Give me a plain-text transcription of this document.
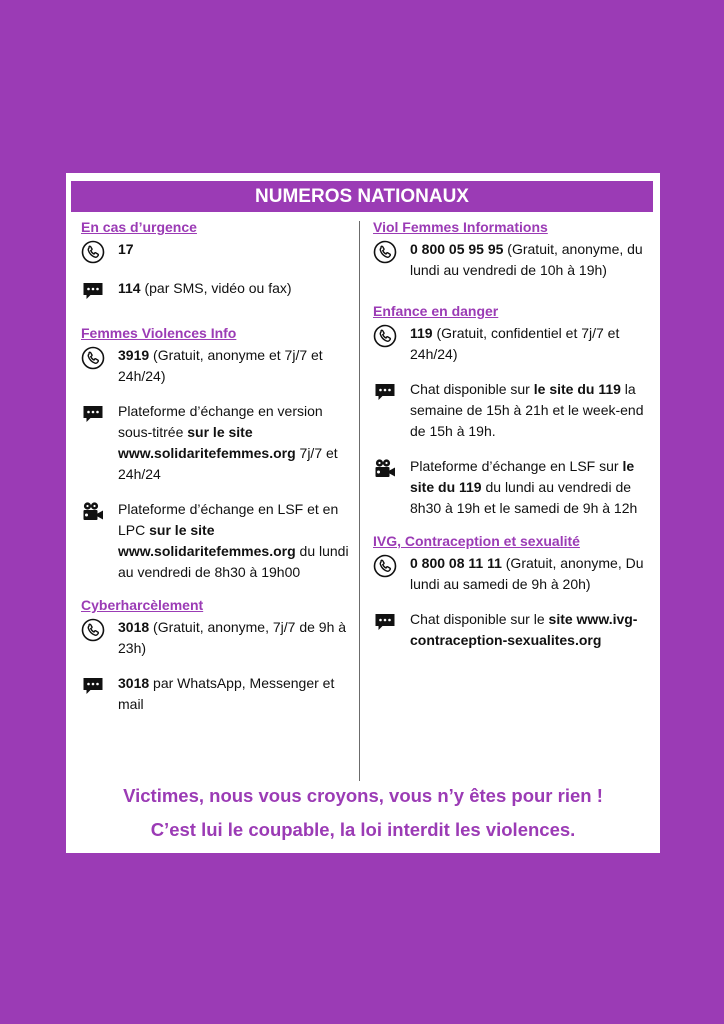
NUMEROS NATIONAUX
En cas d’urgence
17
114 (par SMS, vidéo ou fax)
Femmes Violences Info
3919 (Gratuit, anonyme et 7j/7 et 24h/24)
Plateforme d’échange en version sous-titrée sur le site www.solidaritefemmes.org 7j/7 et 24h/24
Plateforme d’échange en LSF et en LPC sur le site www.solidaritefemmes.org du lundi au vendredi de 8h30 à 19h00
Cyberharcèlement
3018 (Gratuit, anonyme, 7j/7 de 9h à 23h)
3018 par WhatsApp, Messenger et mail
Viol Femmes Informations
0 800 05 95 95 (Gratuit, anonyme, du lundi au vendredi de 10h à 19h)
Enfance en danger
119 (Gratuit, confidentiel et 7j/7 et 24h/24)
Chat disponible sur le site du 119 la semaine de 15h à 21h et le week-end de 15h à 19h.
Plateforme d’échange en LSF sur le site du 119 du lundi au vendredi de 8h30 à 19h et le samedi de 9h à 12h
IVG, Contraception et sexualité
0 800 08 11 11 (Gratuit, anonyme, Du lundi au samedi de 9h à 20h)
Chat disponible sur le site www.ivg-contraception-sexualites.org
Victimes, nous vous croyons, vous n’y êtes pour rien !
C’est lui le coupable, la loi interdit les violences.
